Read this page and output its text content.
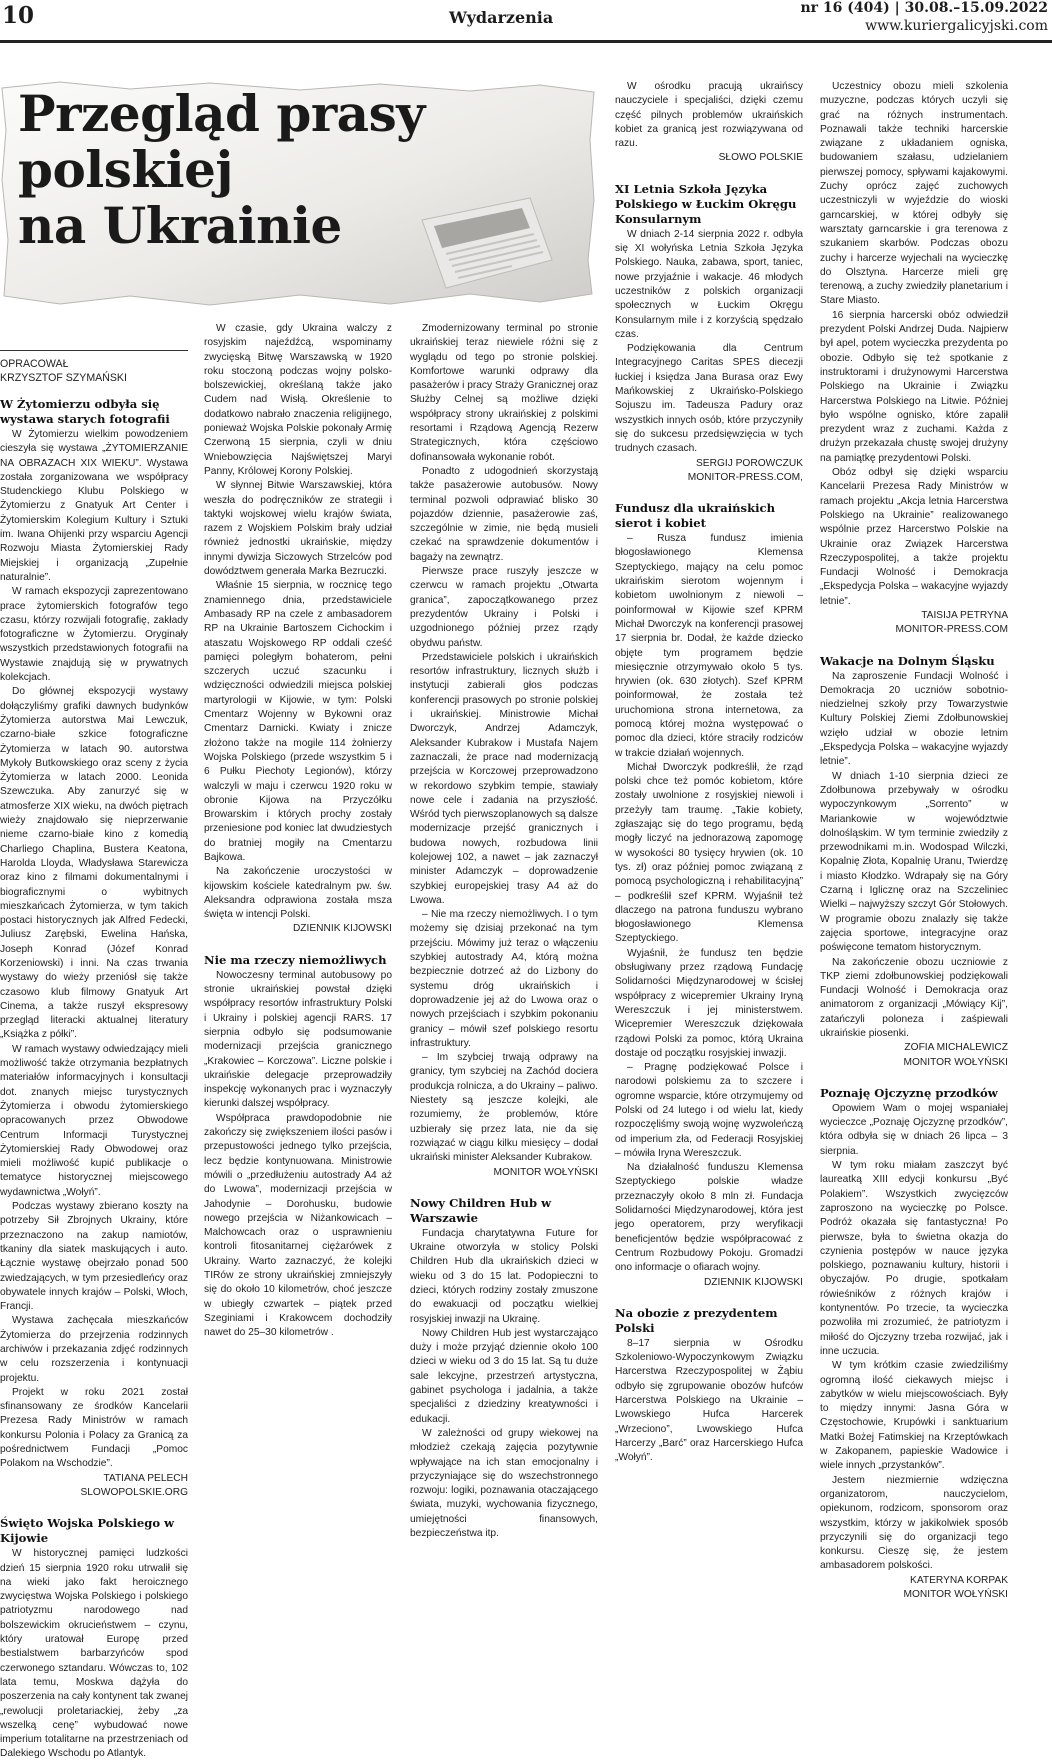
10	Wydarzenia	nr 16 (404) | 30.08.–15.09.2022
www.kuriergalicyjski.com
Przegląd prasy
polskiej
na Ukrainie
OPRACOWAŁ
KRZYSZTOF SZYMAŃSKI
W Żytomierzu odbyła się wystawa starych fotografii

W Żytomierzu wielkim powodzeniem cieszyła się wystawa „ŻYTOMIERZANIE NA OBRAZACH XIX WIEKU”. Wystawa została zorganizowana we współpracy Studenckiego Klubu Polskiego w Żytomierzu z Gnatyuk Art Center i Żytomierskim Kolegium Kultury i Sztuki im. Iwana Ohijenki przy wsparciu Agencji Rozwoju Miasta Żytomierskiej Rady Miejskiej i organizacją „Zupełnie naturalnie”.

W ramach ekspozycji zaprezentowano prace żytomierskich fotografów tego czasu, którzy rozwijali fotografię, zakłady fotograficzne w Żytomierzu. Oryginały wszystkich przedstawionych fotografii na Wystawie znajdują się w prywatnych kolekcjach.

Do głównej ekspozycji wystawy dołączyliśmy grafiki dawnych budynków Żytomierza autorstwa Mai Lewczuk, czarno-białe szkice fotograficzne Żytomierza w latach 90. autorstwa Mykoły Butkowskiego oraz sceny z życia Żytomierza w latach 2000. Leonida Szewczuka. Aby zanurzyć się w atmosferze XIX wieku, na dwóch piętrach wieży znajdowało się nieprzerwanie nieme czarno-białe kino z komedią Charliego Chaplina, Bustera Keatona, Harolda Lloyda, Władysława Starewicza oraz kino z filmami dokumentalnymi i biograficznymi o wybitnych mieszkańcach Żytomierza, w tym takich postaci historycznych jak Alfred Fedecki, Juliusz Zarębski, Ewelina Hańska, Joseph Konrad (Józef Konrad Korzeniowski) i inni. Na czas trwania wystawy do wieży przeniósł się także czasowo klub filmowy Gnatyuk Art Cinema, a także ruszył ekspresowy przegląd literacki aktualnej literatury „Książka z półki”.

W ramach wystawy odwiedzający mieli możliwość także otrzymania bezpłatnych materiałów informacyjnych i konsultacji dot. znanych miejsc turystycznych Żytomierza i obwodu żytomierskiego opracowanych przez Obwodowe Centrum Informacji Turystycznej Żytomierskiej Rady Obwodowej oraz mieli możliwość kupić publikacje o tematyce historycznej miejscowego wydawnictwa „Wołyń”.

Podczas wystawy zbierano koszty na potrzeby Sił Zbrojnych Ukrainy, które przeznaczono na zakup namiotów, tkaniny dla siatek maskujących i auto. Łącznie wystawę obejrzało ponad 500 zwiedzających, w tym przesiedleńcy oraz obywatele innych krajów – Polski, Włoch, Francji.

Wystawa zachęcała mieszkańców Żytomierza do przejrzenia rodzinnych archiwów i przekazania zdjęć rodzinnych w celu rozszerzenia i kontynuacji projektu.

Projekt w roku 2021 został sfinansowany ze środków Kancelarii Prezesa Rady Ministrów w ramach konkursu Polonia i Polacy za Granicą za pośrednictwem Fundacji „Pomoc Polakom na Wschodzie”.

TATIANA PELECH

SLOWOPOLSKIE.ORG

Święto Wojska Polskiego w Kijowie

W historycznej pamięci ludzkości dzień 15 sierpnia 1920 roku utrwalił się na wieki jako fakt heroicznego zwycięstwa Wojska Polskiego i polskiego patriotyzmu narodowego nad bolszewickim okrucieństwem – czynu, który uratował Europę przed bestialstwem barbarzyńców spod czerwonego sztandaru. Wówczas to, 102 lata temu, Moskwa dążyła do poszerzenia na cały kontynent tak zwanej „rewolucji proletariackiej, żeby „za wszelką cenę” wybudować nowe imperium totalitarne na przestrzeniach od Dalekiego Wschodu po Atlantyk.

W czasie, gdy Ukraina walczy z rosyjskim najeźdźcą, wspominamy zwycięską Bitwę Warszawską w 1920 roku stoczoną podczas wojny polsko-bolszewickiej, określaną także jako Cudem nad Wisłą. Określenie to dodatkowo nabrało znaczenia religijnego, ponieważ Wojska Polskie pokonały Armię Czerwoną 15 sierpnia, czyli w dniu Wniebowzięcia Najświętszej Maryi Panny, Królowej Korony Polskiej.

W słynnej Bitwie Warszawskiej, która weszła do podręczników ze strategii i taktyki wojskowej wielu krajów świata, razem z Wojskiem Polskim brały udział również jednostki ukraińskie, między innymi dywizja Siczowych Strzelców pod dowództwem generała Marka Bezruczki.

Właśnie 15 sierpnia, w rocznicę tego znamiennego dnia, przedstawiciele Ambasady RP na czele z ambasadorem RP na Ukrainie Bartoszem Cichockim i ataszatu Wojskowego RP oddali cześć pamięci poległym bohaterom, pełni szczerych uczuć szacunku i wdzięczności odwiedzili miejsca polskiej martyrologii w Kijowie, w tym: Polski Cmentarz Wojenny w Bykowni oraz Cmentarz Darnicki. Kwiaty i znicze złożono także na mogile 114 żołnierzy Wojska Polskiego (przede wszystkim 5 i 6 Pułku Piechoty Legionów), którzy walczyli w maju i czerwcu 1920 roku w obronie Kijowa na Przyczółku Browarskim i których prochy zostały przeniesione pod koniec lat dwudziestych do bratniej mogiły na Cmentarzu Bajkowa.

Na zakończenie uroczystości w kijowskim kościele katedralnym pw. św. Aleksandra odprawiona została msza święta w intencji Polski.

DZIENNIK KIJOWSKI

Nie ma rzeczy niemożliwych

Nowoczesny terminal autobusowy po stronie ukraińskiej powstał dzięki współpracy resortów infrastruktury Polski i Ukrainy i polskiej agencji RARS. 17 sierpnia odbyło się podsumowanie modernizacji przejścia granicznego „Krakowiec – Korczowa”. Liczne polskie i ukraińskie delegacje przeprowadziły inspekcję wykonanych prac i wyznaczyły kierunki dalszej współpracy.

Współpraca prawdopodobnie nie zakończy się zwiększeniem ilości pasów i przepustowości jednego tylko przejścia, lecz będzie kontynuowana. Ministrowie mówili o „przedłużeniu autostrady A4 aż do Lwowa”, modernizacji przejścia w Jahodynie – Dorohusku, budowie nowego przejścia w Niżankowicach – Malchowcach oraz o usprawnieniu kontroli fitosanitarnej ciężarówek z Ukrainy. Warto zaznaczyć, że kolejki TIRów ze strony ukraińskiej zmniejszyły się do około 10 kilometrów, choć jeszcze w ubiegły czwartek – piątek przed Szeginiami i Krakowcem dochodziły nawet do 25–30 kilometrów .

Zmodernizowany terminal po stronie ukraińskiej teraz niewiele różni się z wyglądu od tego po stronie polskiej. Komfortowe warunki odprawy dla pasażerów i pracy Straży Granicznej oraz Służby Celnej są możliwe dzięki współpracy strony ukraińskiej z polskimi resortami i Rządową Agencją Rezerw Strategicznych, która częściowo dofinansowała wykonanie robót.

Ponadto z udogodnień skorzystają także pasażerowie autobusów. Nowy terminal pozwoli odprawiać blisko 30 pojazdów dziennie, pasażerowie zaś, szczególnie w zimie, nie będą musieli czekać na sprawdzenie dokumentów i bagaży na zewnątrz.

Pierwsze prace ruszyły jeszcze w czerwcu w ramach projektu „Otwarta granica”, zapoczątkowanego przez prezydentów Ukrainy i Polski i uzgodnionego później przez rządy obydwu państw.

Przedstawiciele polskich i ukraińskich resortów infrastruktury, licznych służb i instytucji zabierali głos podczas konferencji prasowych po stronie polskiej i ukraińskiej. Ministrowie Michał Dworczyk, Andrzej Adamczyk, Aleksander Kubrakow i Mustafa Najem zaznaczali, że prace nad modernizacją przejścia w Korczowej przeprowadzono w rekordowo szybkim tempie, stawiały nowe cele i zadania na przyszłość. Wśród tych pierwszoplanowych są dalsze modernizacje przejść granicznych i budowa nowych, rozbudowa linii kolejowej 102, a nawet – jak zaznaczył minister Adamczyk – doprowadzenie szybkiej europejskiej trasy A4 aż do Lwowa.

– Nie ma rzeczy niemożliwych. I o tym możemy się dzisiaj przekonać na tym przejściu. Mówimy już teraz o włączeniu szybkiej autostrady A4, którą można bezpiecznie dotrzeć aż do Lizbony do systemu dróg ukraińskich i doprowadzenie jej aż do Lwowa oraz o nowych przejściach i szybkim pokonaniu granicy – mówił szef polskiego resortu infrastruktury.

– Im szybciej trwają odprawy na granicy, tym szybciej na Zachód dociera produkcja rolnicza, a do Ukrainy – paliwo. Niestety są jeszcze kolejki, ale rozumiemy, że problemów, które uzbierały się przez lata, nie da się rozwiązać w ciągu kilku miesięcy – dodał ukraiński minister Aleksander Kubrakow.

MONITOR WOŁYŃSKI

Nowy Children Hub w Warszawie

Fundacja charytatywna Future for Ukraine otworzyła w stolicy Polski Children Hub dla ukraińskich dzieci w wieku od 3 do 15 lat. Podopieczni to dzieci, których rodziny zostały zmuszone do ewakuacji od początku wielkiej rosyjskiej inwazji na Ukrainę.

Nowy Children Hub jest wystarczająco duży i może przyjąć dziennie około 100 dzieci w wieku od 3 do 15 lat. Są tu duże sale lekcyjne, przestrzeń artystyczna, gabinet psychologa i jadalnia, a także specjaliści z dziedziny kreatywności i edukacji.

W zależności od grupy wiekowej na młodzież czekają zajęcia pozytywnie wpływające na ich stan emocjonalny i przyczyniające się do wszechstronnego rozwoju: logiki, poznawania otaczającego świata, muzyki, wychowania fizycznego, umiejętności finansowych, bezpieczeństwa itp.

W ośrodku pracują ukraińscy nauczyciele i specjaliści, dzięki czemu część pilnych problemów ukraińskich kobiet za granicą jest rozwiązywana od razu.

SŁOWO POLSKIE

XI Letnia Szkoła Języka Polskiego w Łuckim Okręgu Konsularnym

W dniach 2-14 sierpnia 2022 r. odbyła się XI wołyńska Letnia Szkoła Języka Polskiego. Nauka, zabawa, sport, taniec, nowe przyjaźnie i wakacje. 46 młodych uczestników z polskich organizacji społecznych w Łuckim Okręgu Konsularnym mile i z korzyścią spędzało czas.

Podziękowania dla Centrum Integracyjnego Caritas SPES diecezji łuckiej i księdza Jana Burasa oraz Ewy Mańkowskiej z Ukraińsko-Polskiego Sojuszu im. Tadeusza Padury oraz wszystkich innych osób, które przyczyniły się do sukcesu przedsięwzięcia w tych trudnych czasach.

SERGIJ POROWCZUK

MONITOR-PRESS.COM,

Fundusz dla ukraińskich sierot i kobiet

– Rusza fundusz imienia błogosławionego Klemensa Szeptyckiego, mający na celu pomoc ukraińskim sierotom wojennym i kobietom uwolnionym z niewoli – poinformował w Kijowie szef KPRM Michał Dworczyk na konferencji prasowej 17 sierpnia br. Dodał, że każde dziecko objęte tym programem będzie miesięcznie otrzymywało około 5 tys. hrywien (ok. 630 złotych). Szef KPRM poinformował, że została też uruchomiona strona internetowa, za pomocą której można występować o pomoc dla dzieci, które straciły rodziców w trakcie działań wojennych.

Michał Dworczyk podkreślił, że rząd polski chce też pomóc kobietom, które zostały uwolnione z rosyjskiej niewoli i przeżyły tam traumę. „Takie kobiety, zgłaszając się do tego programu, będą mogły liczyć na jednorazową zapomogę w wysokości 80 tysięcy hrywien (ok. 10 tys. zł) oraz później pomoc związaną z pomocą psychologiczną i rehabilitacyjną” – podkreślił szef KPRM. Wyjaśnił też dlaczego na patrona funduszu wybrano błogosławionego Klemensa Szeptyckiego.

Wyjaśnił, że fundusz ten będzie obsługiwany przez rządową Fundację Solidarności Międzynarodowej w ścisłej współpracy z wicepremier Ukrainy Iryną Wereszczuk i jej ministerstwem. Wicepremier Wereszczuk dziękowała rządowi Polski za pomoc, którą Ukraina dostaje od początku rosyjskiej inwazji.

– Pragnę podziękować Polsce i narodowi polskiemu za to szczere i ogromne wsparcie, które otrzymujemy od Polski od 24 lutego i od wielu lat, kiedy rozpoczęliśmy swoją wojnę wyzwoleńczą od imperium zła, od Federacji Rosyjskiej – mówiła Iryna Wereszczuk.

Na działalność funduszu Klemensa Szeptyckiego polskie władze przeznaczyły około 8 mln zł. Fundacja Solidarności Międzynarodowej, która jest jego operatorem, przy weryfikacji beneficjentów będzie współpracować z Centrum Rozbudowy Pokoju. Gromadzi ono informacje o ofiarach wojny.

DZIENNIK KIJOWSKI

Na obozie z prezydentem Polski

8–17 sierpnia w Ośrodku Szkoleniowo-Wypoczynkowym Związku Harcerstwa Rzeczypospolitej w Żąbiu odbyło się zgrupowanie obozów hufców Harcerstwa Polskiego na Ukrainie – Lwowskiego Hufca Harcerek „Wrzeciono”, Lwowskiego Hufca Harcerzy „Barć” oraz Harcerskiego Hufca „Wołyń”.

Uczestnicy obozu mieli szkolenia muzyczne, podczas których uczyli się grać na różnych instrumentach. Poznawali także techniki harcerskie związane z układaniem ogniska, budowaniem szałasu, udzielaniem pierwszej pomocy, spływami kajakowymi. Zuchy oprócz zajęć zuchowych uczestniczyli w wyjeździe do wioski garncarskiej, w której odbyły się warsztaty garncarskie i gra terenowa z szukaniem skarbów. Podczas obozu zuchy i harcerze wyjechali na wycieczkę do Olsztyna. Harcerze mieli grę terenową, a zuchy zwiedziły planetarium i Stare Miasto.

16 sierpnia harcerski obóz odwiedził prezydent Polski Andrzej Duda. Najpierw był apel, potem wycieczka prezydenta po obozie. Odbyło się też spotkanie z instruktorami i drużynowymi Harcerstwa Polskiego na Ukrainie i Związku Harcerstwa Polskiego na Litwie. Później było wspólne ognisko, które zapalił prezydent wraz z zuchami. Każda z drużyn przekazała chustę swojej drużyny na pamiątkę prezydentowi Polski.

Obóz odbył się dzięki wsparciu Kancelarii Prezesa Rady Ministrów w ramach projektu „Akcja letnia Harcerstwa Polskiego na Ukrainie” realizowanego wspólnie przez Harcerstwo Polskie na Ukrainie oraz Związek Harcerstwa Rzeczypospolitej, a także projektu Fundacji Wolność i Demokracja „Ekspedycja Polska – wakacyjne wyjazdy letnie”.

TAISIJA PETRYNA

MONITOR-PRESS.COM

Wakacje na Dolnym Śląsku

Na zaproszenie Fundacji Wolność i Demokracja 20 uczniów sobotnio-niedzielnej szkoły przy Towarzystwie Kultury Polskiej Ziemi Zdołbunowskiej wzięło udział w obozie letnim „Ekspedycja Polska – wakacyjne wyjazdy letnie”.

W dniach 1-10 sierpnia dzieci ze Zdołbunowa przebywały w ośrodku wypoczynkowym „Sorrento” w Mariankowie w województwie dolnośląskim. W tym terminie zwiedziły z przewodnikami m.in. Wodospad Wilczki, Kopalnię Złota, Kopalnię Uranu, Twierdzę i miasto Kłodzko. Wdrapały się na Góry Czarną i Iglicznę oraz na Szczeliniec Wielki – najwyższy szczyt Gór Stołowych. W programie obozu znalazły się także zajęcia sportowe, integracyjne oraz poświęcone tematom historycznym.

Na zakończenie obozu uczniowie z TKP ziemi zdołbunowskiej podziękowali Fundacji Wolność i Demokracja oraz animatorom z organizacji „Mówiący Kij”, zatańczyli poloneza i zaśpiewali ukraińskie piosenki.

ZOFIA MICHALEWICZ

MONITOR WOŁYŃSKI

Poznaję Ojczyznę przodków

Opowiem Wam o mojej wspaniałej wycieczce „Poznaję Ojczyznę przodków”, która odbyła się w dniach 26 lipca – 3 sierpnia.

W tym roku miałam zaszczyt być laureatką XIII edycji konkursu „Być Polakiem”. Wszystkich zwycięzców zaproszono na wycieczkę po Polsce. Podróż okazała się fantastyczna! Po pierwsze, była to świetna okazja do czynienia postępów w nauce języka polskiego, poznawaniu kultury, historii i obyczajów. Po drugie, spotkałam rówieśników z różnych krajów i kontynentów. Po trzecie, ta wycieczka pozwoliła mi zrozumieć, że patriotyzm i miłość do Ojczyzny trzeba rozwijać, jak i inne uczucia.

W tym krótkim czasie zwiedziliśmy ogromną ilość ciekawych miejsc i zabytków w wielu miejscowościach. Były to między innymi: Jasna Góra w Częstochowie, Krupówki i sanktuarium Matki Bożej Fatimskiej na Krzeptówkach w Zakopanem, papieskie Wadowice i wiele innych „przystanków”.

Jestem niezmiernie wdzięczna organizatorom, nauczycielom, opiekunom, rodzicom, sponsorom oraz wszystkim, którzy w jakikolwiek sposób przyczynili się do organizacji tego konkursu. Cieszę się, że jestem ambasadorem polskości.

KATERYNA KORPAK

MONITOR WOŁYŃSKI
